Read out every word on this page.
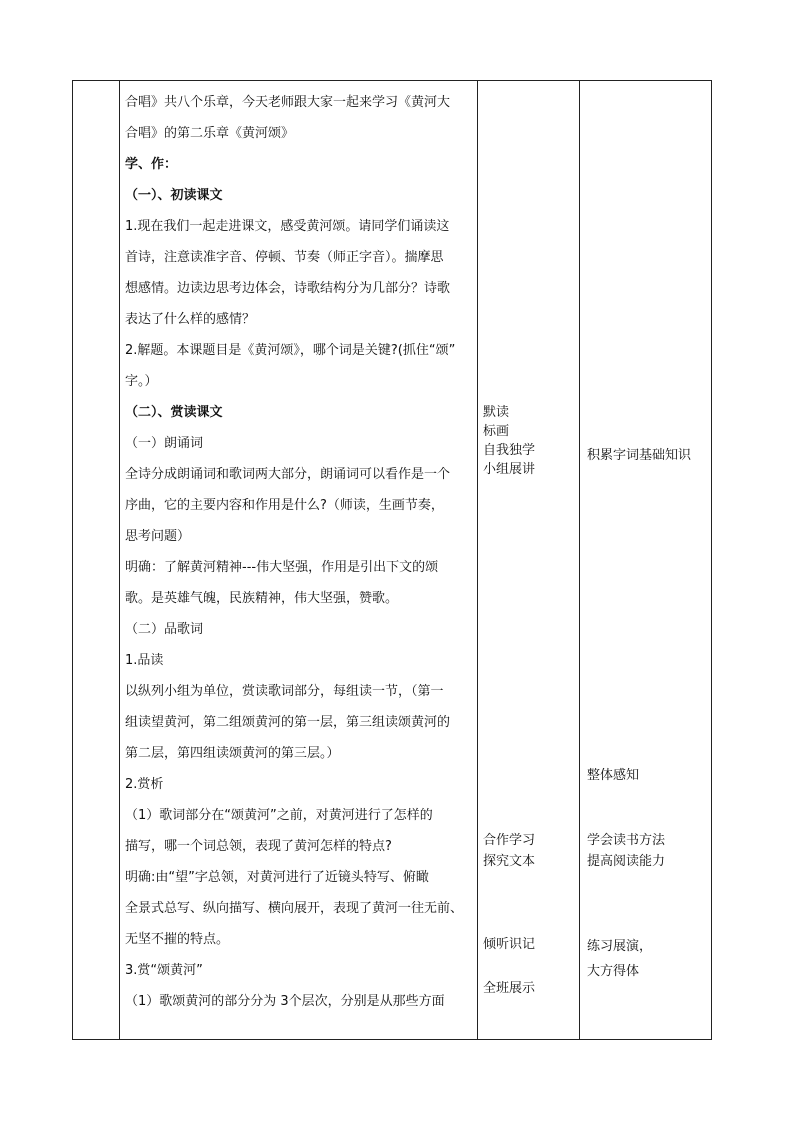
合唱》共八个乐章，今天老师跟大家一起来学习《黄河大

合唱》的第二乐章《黄河颂》

学、作：

（一）、初读课文

1.现在我们一起走进课文，感受黄河颂。请同学们诵读这

首诗，注意读准字音、停顿、节奏（师正字音）。揣摩思

想感情。边读边思考边体会，诗歌结构分为几部分？诗歌

表达了什么样的感情？

2.解题。本课题目是《黄河颂》，哪个词是关键?(抓住“颂”

字。）

（二）、赏读课文

（一）朗诵词

全诗分成朗诵词和歌词两大部分，朗诵词可以看作是一个

序曲，它的主要内容和作用是什么?（师读，生画节奏，

思考问题）

明确：了解黄河精神---伟大坚强，作用是引出下文的颂

歌。是英雄气魄，民族精神，伟大坚强，赞歌。

（二）品歌词

1.品读

以纵列小组为单位，赏读歌词部分，每组读一节，（第一

组读望黄河，第二组颂黄河的第一层，第三组读颂黄河的

第二层，第四组读颂黄河的第三层。）

2.赏析

（1）歌词部分在“颂黄河”之前，对黄河进行了怎样的

描写，哪一个词总领，表现了黄河怎样的特点?

明确:由“望”字总领，对黄河进行了近镜头特写、俯瞰

全景式总写、纵向描写、横向展开，表现了黄河一往无前、

无坚不摧的特点。

3.赏“颂黄河”

（1）歌颂黄河的部分分为 3个层次，分别是从那些方面

默读

标画

自我独学

小组展讲

合作学习

探究文本

倾听识记

全班展示

积累字词基础知识

整体感知

学会读书方法

提高阅读能力

练习展演，

大方得体
